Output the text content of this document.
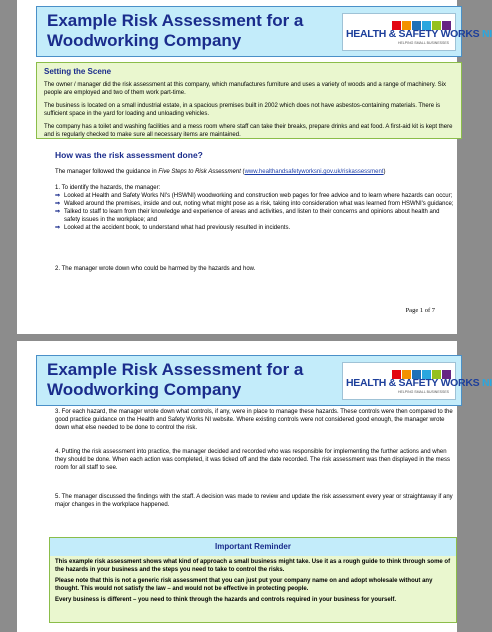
Example Risk Assessment for a
Woodworking Company	HEALTH & SAFETY WORKS NI
HELPING SMALL BUSINESSES
Setting the Scene

The owner / manager did the risk assessment at this company, which manufactures furniture and uses a variety of woods and a range of machinery. Six people are employed and two of them work part-time.

The business is located on a small industrial estate, in a spacious premises built in 2002 which does not have asbestos-containing materials. There is sufficient space in the yard for loading and unloading vehicles.

The company has a toilet and washing facilities and a mess room where staff can take their breaks, prepare drinks and eat food. A first-aid kit is kept there and is regularly checked to make sure all necessary items are maintained.

How was the risk assessment done?

The manager followed the guidance in Five Steps to Risk Assessment (www.healthandsafetyworksni.gov.uk/riskassessment)

1. To identify the hazards, the manager:

⇒ Looked at Health and Safety Works NI's (HSWNI) woodworking and construction web pages for free advice and to learn where hazards can occur;
⇒ Walked around the premises, inside and out, noting what might pose as a risk, taking into consideration what was learned from HSWNI's guidance;
⇒ Talked to staff to learn from their knowledge and experience of areas and activities, and listen to their concerns and opinions about health and safety issues in the workplace; and
⇒ Looked at the accident book, to understand what had previously resulted in incidents.

2. The manager wrote down who could be harmed by the hazards and how.

Page 1 of 7
Example Risk Assessment for a
Woodworking Company	HEALTH & SAFETY WORKS NI
HELPING SMALL BUSINESSES

3. For each hazard, the manager wrote down what controls, if any, were in place to manage these hazards. These controls were then compared to the good practice guidance on the Health and Safety Works NI website. Where existing controls were not considered good enough, the manager wrote down what else needed to be done to control the risk.

4. Putting the risk assessment into practice, the manager decided and recorded who was responsible for implementing the further actions and when they should be done. When each action was completed, it was ticked off and the date recorded. The risk assessment was then displayed in the mess room for all staff to see.

5. The manager discussed the findings with the staff. A decision was made to review and update the risk assessment every year or straightaway if any major changes in the workplace happened.

Important Reminder

This example risk assessment shows what kind of approach a small business might take. Use it as a rough guide to think through some of the hazards in your business and the steps you need to take to control the risks.

Please note that this is not a generic risk assessment that you can just put your company name on and adopt wholesale without any thought. This would not satisfy the law – and would not be effective in protecting people.

Every business is different – you need to think through the hazards and controls required in your business for yourself.
